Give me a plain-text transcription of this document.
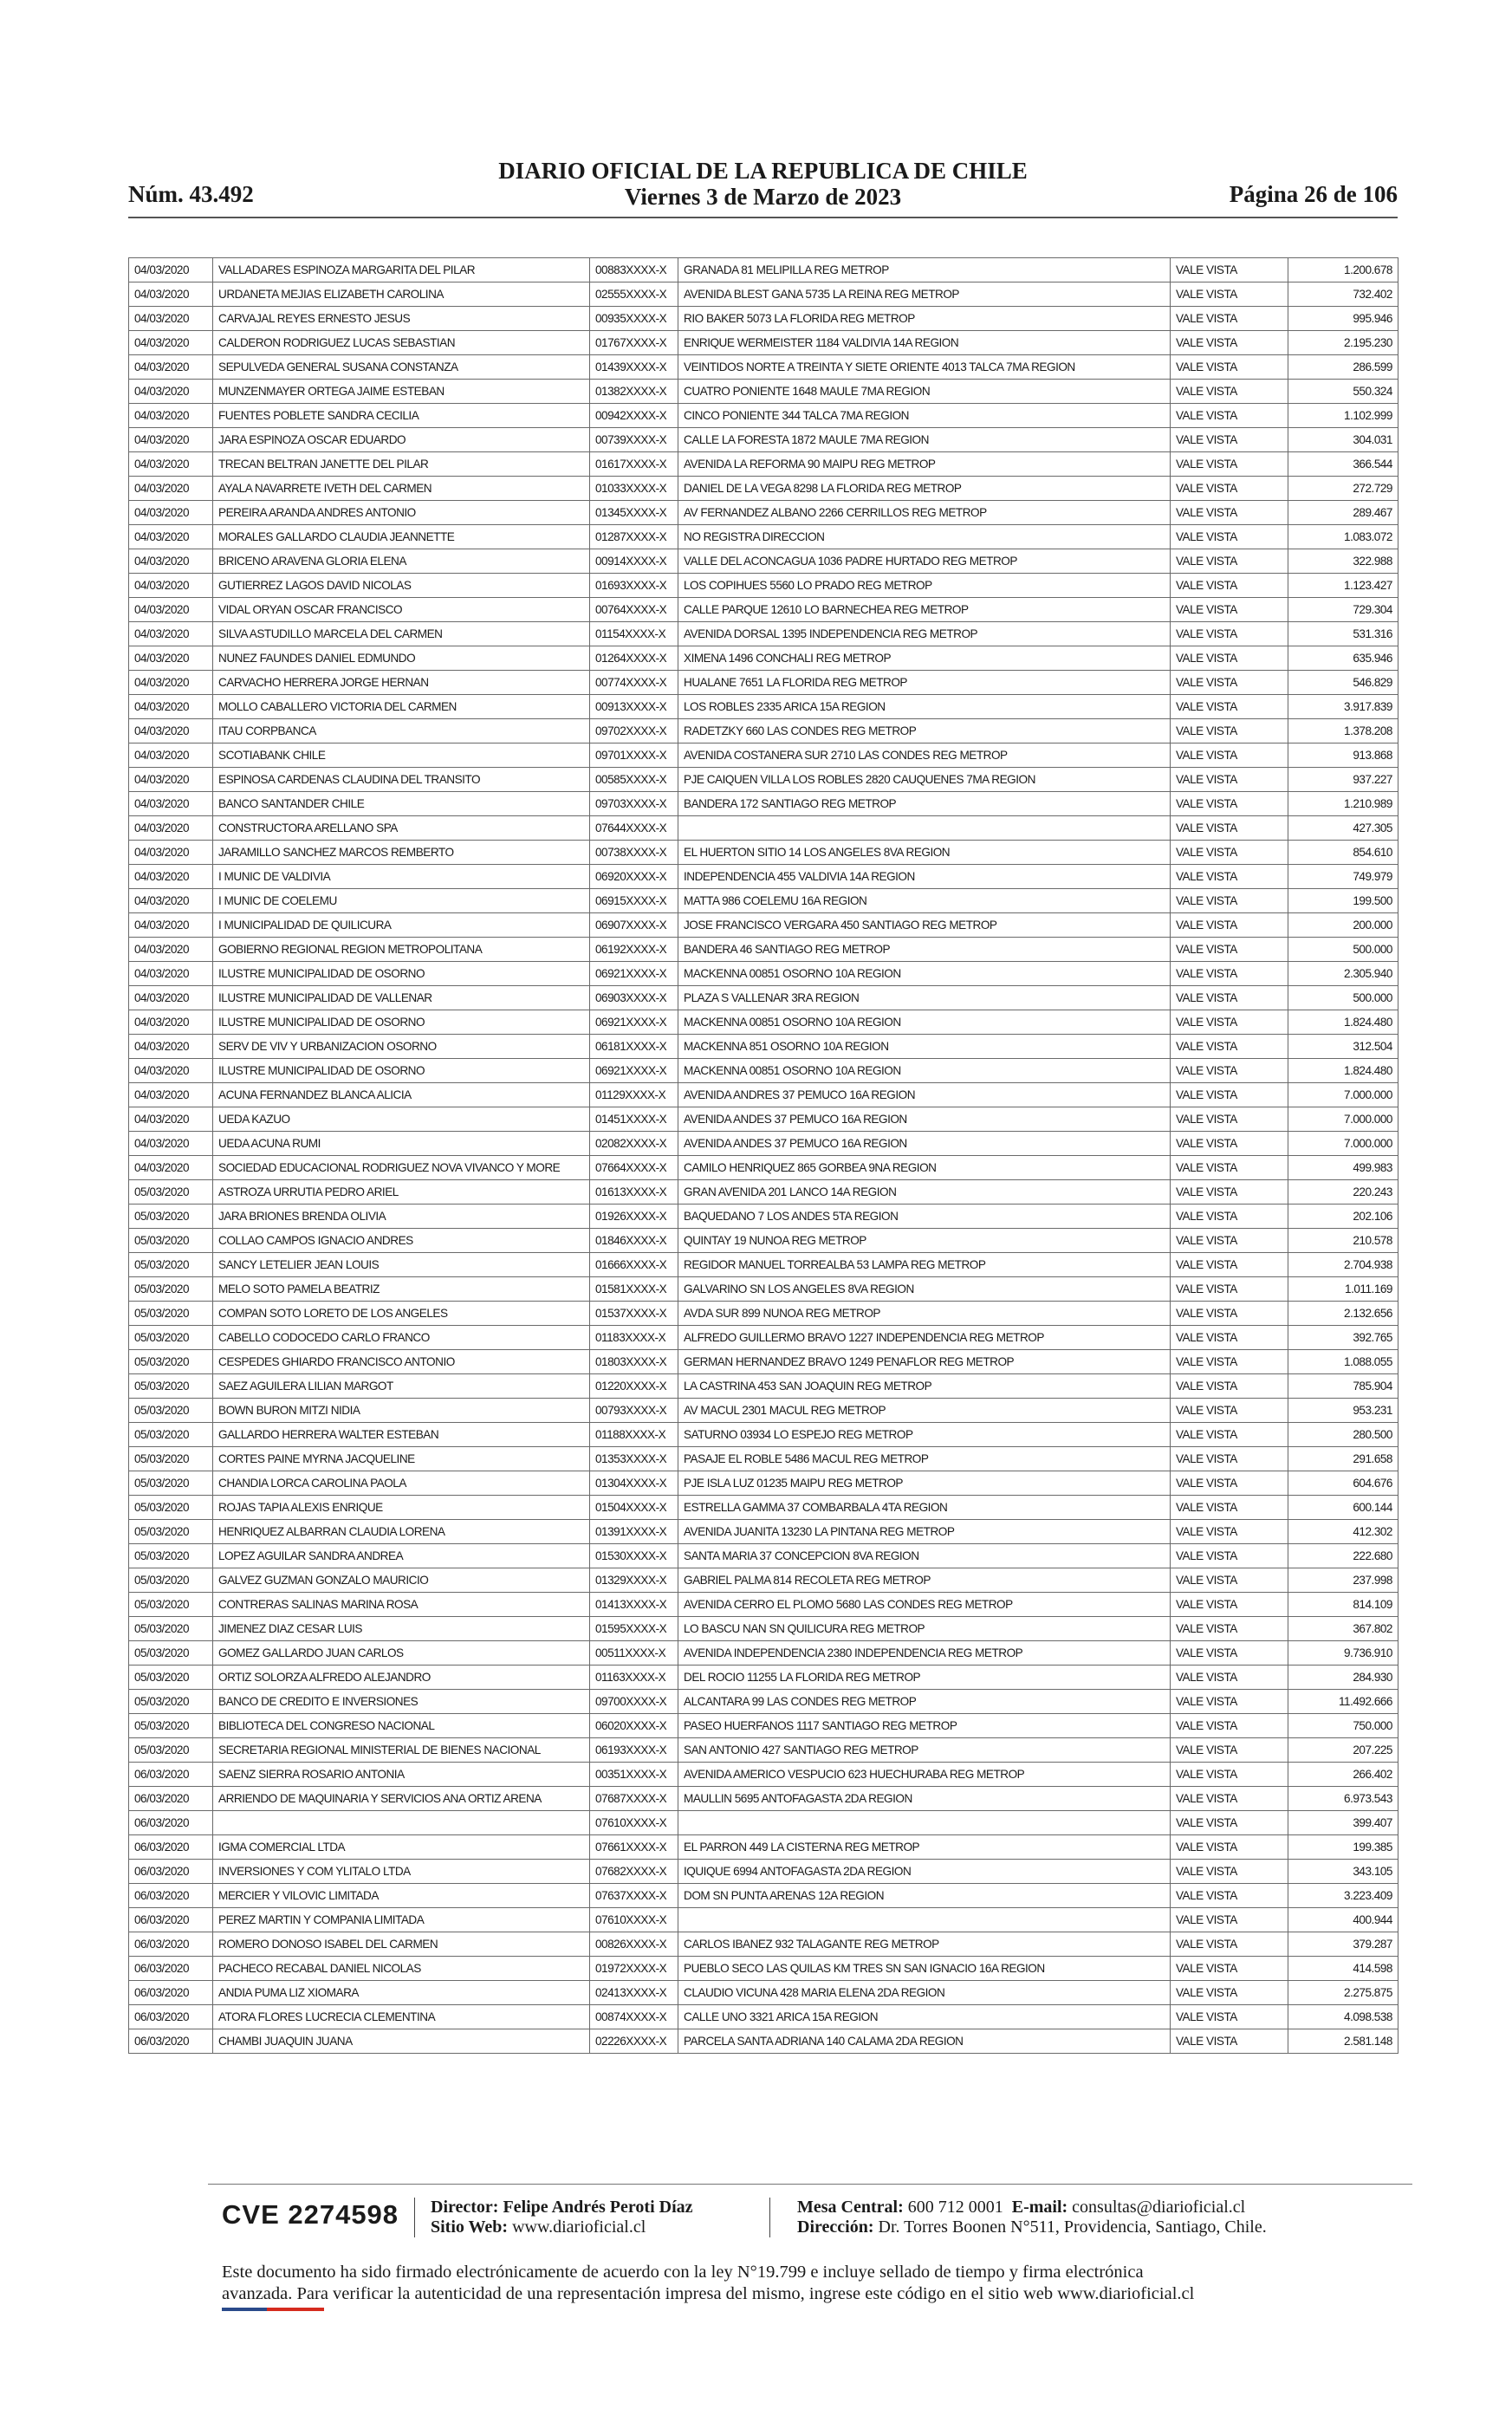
Núm. 43.492
DIARIO OFICIAL DE LA REPUBLICA DE CHILE
Viernes 3 de Marzo de 2023	Página 26 de 106
04/03/2020	VALLADARES ESPINOZA MARGARITA DEL PILAR	00883XXXX-X	GRANADA 81 MELIPILLA REG METROP	VALE VISTA	1.200.678
04/03/2020	URDANETA MEJIAS ELIZABETH CAROLINA	02555XXXX-X	AVENIDA BLEST GANA 5735 LA REINA REG METROP	VALE VISTA	732.402
04/03/2020	CARVAJAL REYES ERNESTO JESUS	00935XXXX-X	RIO BAKER 5073 LA FLORIDA REG METROP	VALE VISTA	995.946
04/03/2020	CALDERON RODRIGUEZ LUCAS SEBASTIAN	01767XXXX-X	ENRIQUE WERMEISTER 1184 VALDIVIA 14A REGION	VALE VISTA	2.195.230
04/03/2020	SEPULVEDA GENERAL SUSANA CONSTANZA	01439XXXX-X	VEINTIDOS NORTE A TREINTA Y SIETE ORIENTE 4013 TALCA 7MA REGION	VALE VISTA	286.599
04/03/2020	MUNZENMAYER ORTEGA JAIME ESTEBAN	01382XXXX-X	CUATRO PONIENTE 1648 MAULE 7MA REGION	VALE VISTA	550.324
04/03/2020	FUENTES POBLETE SANDRA CECILIA	00942XXXX-X	CINCO PONIENTE 344 TALCA 7MA REGION	VALE VISTA	1.102.999
04/03/2020	JARA ESPINOZA OSCAR EDUARDO	00739XXXX-X	CALLE LA FORESTA 1872 MAULE 7MA REGION	VALE VISTA	304.031
04/03/2020	TRECAN BELTRAN JANETTE DEL PILAR	01617XXXX-X	AVENIDA LA REFORMA 90 MAIPU REG METROP	VALE VISTA	366.544
04/03/2020	AYALA NAVARRETE IVETH DEL CARMEN	01033XXXX-X	DANIEL DE LA VEGA 8298 LA FLORIDA REG METROP	VALE VISTA	272.729
04/03/2020	PEREIRA ARANDA ANDRES ANTONIO	01345XXXX-X	AV FERNANDEZ ALBANO 2266 CERRILLOS REG METROP	VALE VISTA	289.467
04/03/2020	MORALES GALLARDO CLAUDIA JEANNETTE	01287XXXX-X	NO REGISTRA DIRECCION	VALE VISTA	1.083.072
04/03/2020	BRICENO ARAVENA GLORIA ELENA	00914XXXX-X	VALLE DEL ACONCAGUA 1036 PADRE HURTADO REG METROP	VALE VISTA	322.988
04/03/2020	GUTIERREZ LAGOS DAVID NICOLAS	01693XXXX-X	LOS COPIHUES 5560 LO PRADO REG METROP	VALE VISTA	1.123.427
04/03/2020	VIDAL ORYAN OSCAR FRANCISCO	00764XXXX-X	CALLE PARQUE 12610 LO BARNECHEA REG METROP	VALE VISTA	729.304
04/03/2020	SILVA ASTUDILLO MARCELA DEL CARMEN	01154XXXX-X	AVENIDA DORSAL 1395 INDEPENDENCIA REG METROP	VALE VISTA	531.316
04/03/2020	NUNEZ FAUNDES DANIEL EDMUNDO	01264XXXX-X	XIMENA 1496 CONCHALI REG METROP	VALE VISTA	635.946
04/03/2020	CARVACHO HERRERA JORGE HERNAN	00774XXXX-X	HUALANE 7651 LA FLORIDA REG METROP	VALE VISTA	546.829
04/03/2020	MOLLO CABALLERO VICTORIA DEL CARMEN	00913XXXX-X	LOS ROBLES 2335 ARICA 15A REGION	VALE VISTA	3.917.839
04/03/2020	ITAU CORPBANCA	09702XXXX-X	RADETZKY 660 LAS CONDES REG METROP	VALE VISTA	1.378.208
04/03/2020	SCOTIABANK CHILE	09701XXXX-X	AVENIDA COSTANERA SUR 2710 LAS CONDES REG METROP	VALE VISTA	913.868
04/03/2020	ESPINOSA CARDENAS CLAUDINA DEL TRANSITO	00585XXXX-X	PJE CAIQUEN VILLA LOS ROBLES 2820 CAUQUENES 7MA REGION	VALE VISTA	937.227
04/03/2020	BANCO SANTANDER CHILE	09703XXXX-X	BANDERA 172 SANTIAGO REG METROP	VALE VISTA	1.210.989
04/03/2020	CONSTRUCTORA ARELLANO SPA	07644XXXX-X		VALE VISTA	427.305
04/03/2020	JARAMILLO SANCHEZ MARCOS REMBERTO	00738XXXX-X	EL HUERTON SITIO 14 LOS ANGELES 8VA REGION	VALE VISTA	854.610
04/03/2020	I MUNIC DE VALDIVIA	06920XXXX-X	INDEPENDENCIA 455 VALDIVIA 14A REGION	VALE VISTA	749.979
04/03/2020	I MUNIC DE COELEMU	06915XXXX-X	MATTA 986 COELEMU 16A REGION	VALE VISTA	199.500
04/03/2020	I MUNICIPALIDAD DE QUILICURA	06907XXXX-X	JOSE FRANCISCO VERGARA 450 SANTIAGO REG METROP	VALE VISTA	200.000
04/03/2020	GOBIERNO REGIONAL REGION METROPOLITANA	06192XXXX-X	BANDERA 46 SANTIAGO REG METROP	VALE VISTA	500.000
04/03/2020	ILUSTRE MUNICIPALIDAD DE OSORNO	06921XXXX-X	MACKENNA 00851 OSORNO 10A REGION	VALE VISTA	2.305.940
04/03/2020	ILUSTRE MUNICIPALIDAD DE VALLENAR	06903XXXX-X	PLAZA S VALLENAR 3RA REGION	VALE VISTA	500.000
04/03/2020	ILUSTRE MUNICIPALIDAD DE OSORNO	06921XXXX-X	MACKENNA 00851 OSORNO 10A REGION	VALE VISTA	1.824.480
04/03/2020	SERV DE VIV Y URBANIZACION OSORNO	06181XXXX-X	MACKENNA 851 OSORNO 10A REGION	VALE VISTA	312.504
04/03/2020	ILUSTRE MUNICIPALIDAD DE OSORNO	06921XXXX-X	MACKENNA 00851 OSORNO 10A REGION	VALE VISTA	1.824.480
04/03/2020	ACUNA FERNANDEZ BLANCA ALICIA	01129XXXX-X	AVENIDA ANDRES 37 PEMUCO 16A REGION	VALE VISTA	7.000.000
04/03/2020	UEDA KAZUO	01451XXXX-X	AVENIDA ANDES 37 PEMUCO 16A REGION	VALE VISTA	7.000.000
04/03/2020	UEDA ACUNA RUMI	02082XXXX-X	AVENIDA ANDES 37 PEMUCO 16A REGION	VALE VISTA	7.000.000
04/03/2020	SOCIEDAD EDUCACIONAL RODRIGUEZ NOVA VIVANCO Y MORE	07664XXXX-X	CAMILO HENRIQUEZ 865 GORBEA 9NA REGION	VALE VISTA	499.983
05/03/2020	ASTROZA URRUTIA PEDRO ARIEL	01613XXXX-X	GRAN AVENIDA 201 LANCO 14A REGION	VALE VISTA	220.243
05/03/2020	JARA BRIONES BRENDA OLIVIA	01926XXXX-X	BAQUEDANO 7 LOS ANDES 5TA REGION	VALE VISTA	202.106
05/03/2020	COLLAO CAMPOS IGNACIO ANDRES	01846XXXX-X	QUINTAY 19 NUNOA REG METROP	VALE VISTA	210.578
05/03/2020	SANCY LETELIER JEAN LOUIS	01666XXXX-X	REGIDOR MANUEL TORREALBA 53 LAMPA REG METROP	VALE VISTA	2.704.938
05/03/2020	MELO SOTO PAMELA BEATRIZ	01581XXXX-X	GALVARINO SN LOS ANGELES 8VA REGION	VALE VISTA	1.011.169
05/03/2020	COMPAN SOTO LORETO DE LOS ANGELES	01537XXXX-X	AVDA SUR 899 NUNOA REG METROP	VALE VISTA	2.132.656
05/03/2020	CABELLO CODOCEDO CARLO FRANCO	01183XXXX-X	ALFREDO GUILLERMO BRAVO 1227 INDEPENDENCIA REG METROP	VALE VISTA	392.765
05/03/2020	CESPEDES GHIARDO FRANCISCO ANTONIO	01803XXXX-X	GERMAN HERNANDEZ BRAVO 1249 PENAFLOR REG METROP	VALE VISTA	1.088.055
05/03/2020	SAEZ AGUILERA LILIAN MARGOT	01220XXXX-X	LA CASTRINA 453 SAN JOAQUIN REG METROP	VALE VISTA	785.904
05/03/2020	BOWN BURON MITZI NIDIA	00793XXXX-X	AV MACUL 2301 MACUL REG METROP	VALE VISTA	953.231
05/03/2020	GALLARDO HERRERA WALTER ESTEBAN	01188XXXX-X	SATURNO 03934 LO ESPEJO REG METROP	VALE VISTA	280.500
05/03/2020	CORTES PAINE MYRNA JACQUELINE	01353XXXX-X	PASAJE EL ROBLE 5486 MACUL REG METROP	VALE VISTA	291.658
05/03/2020	CHANDIA LORCA CAROLINA PAOLA	01304XXXX-X	PJE ISLA LUZ 01235 MAIPU REG METROP	VALE VISTA	604.676
05/03/2020	ROJAS TAPIA ALEXIS ENRIQUE	01504XXXX-X	ESTRELLA GAMMA 37 COMBARBALA 4TA REGION	VALE VISTA	600.144
05/03/2020	HENRIQUEZ ALBARRAN CLAUDIA LORENA	01391XXXX-X	AVENIDA JUANITA 13230 LA PINTANA REG METROP	VALE VISTA	412.302
05/03/2020	LOPEZ AGUILAR SANDRA ANDREA	01530XXXX-X	SANTA MARIA 37 CONCEPCION 8VA REGION	VALE VISTA	222.680
05/03/2020	GALVEZ GUZMAN GONZALO MAURICIO	01329XXXX-X	GABRIEL PALMA 814 RECOLETA REG METROP	VALE VISTA	237.998
05/03/2020	CONTRERAS SALINAS MARINA ROSA	01413XXXX-X	AVENIDA CERRO EL PLOMO 5680 LAS CONDES REG METROP	VALE VISTA	814.109
05/03/2020	JIMENEZ DIAZ CESAR LUIS	01595XXXX-X	LO BASCU NAN SN QUILICURA REG METROP	VALE VISTA	367.802
05/03/2020	GOMEZ GALLARDO JUAN CARLOS	00511XXXX-X	AVENIDA INDEPENDENCIA 2380 INDEPENDENCIA REG METROP	VALE VISTA	9.736.910
05/03/2020	ORTIZ SOLORZA ALFREDO ALEJANDRO	01163XXXX-X	DEL ROCIO 11255 LA FLORIDA REG METROP	VALE VISTA	284.930
05/03/2020	BANCO DE CREDITO E INVERSIONES	09700XXXX-X	ALCANTARA 99 LAS CONDES REG METROP	VALE VISTA	11.492.666
05/03/2020	BIBLIOTECA DEL CONGRESO NACIONAL	06020XXXX-X	PASEO HUERFANOS 1117 SANTIAGO REG METROP	VALE VISTA	750.000
05/03/2020	SECRETARIA REGIONAL MINISTERIAL DE BIENES NACIONAL	06193XXXX-X	SAN ANTONIO 427 SANTIAGO REG METROP	VALE VISTA	207.225
06/03/2020	SAENZ SIERRA ROSARIO ANTONIA	00351XXXX-X	AVENIDA AMERICO VESPUCIO 623 HUECHURABA REG METROP	VALE VISTA	266.402
06/03/2020	ARRIENDO DE MAQUINARIA Y SERVICIOS ANA ORTIZ ARENA	07687XXXX-X	MAULLIN 5695 ANTOFAGASTA 2DA REGION	VALE VISTA	6.973.543
06/03/2020		07610XXXX-X		VALE VISTA	399.407
06/03/2020	IGMA COMERCIAL LTDA	07661XXXX-X	EL PARRON 449 LA CISTERNA REG METROP	VALE VISTA	199.385
06/03/2020	INVERSIONES Y COM YLITALO LTDA	07682XXXX-X	IQUIQUE 6994 ANTOFAGASTA 2DA REGION	VALE VISTA	343.105
06/03/2020	MERCIER Y VILOVIC LIMITADA	07637XXXX-X	DOM SN PUNTA ARENAS 12A REGION	VALE VISTA	3.223.409
06/03/2020	PEREZ MARTIN Y COMPANIA LIMITADA	07610XXXX-X		VALE VISTA	400.944
06/03/2020	ROMERO DONOSO ISABEL DEL CARMEN	00826XXXX-X	CARLOS IBANEZ 932 TALAGANTE REG METROP	VALE VISTA	379.287
06/03/2020	PACHECO RECABAL DANIEL NICOLAS	01972XXXX-X	PUEBLO SECO LAS QUILAS KM TRES SN SAN IGNACIO 16A REGION	VALE VISTA	414.598
06/03/2020	ANDIA PUMA LIZ XIOMARA	02413XXXX-X	CLAUDIO VICUNA 428 MARIA ELENA 2DA REGION	VALE VISTA	2.275.875
06/03/2020	ATORA FLORES LUCRECIA CLEMENTINA	00874XXXX-X	CALLE UNO 3321 ARICA 15A REGION	VALE VISTA	4.098.538
06/03/2020	CHAMBI JUAQUIN JUANA	02226XXXX-X	PARCELA SANTA ADRIANA 140 CALAMA 2DA REGION	VALE VISTA	2.581.148
CVE 2274598 Director: Felipe Andrés Peroti Díaz
Sitio Web: www.diarioficial.cl
Mesa Central: 600 712 0001 E-mail: consultas@diarioficial.cl
Dirección: Dr. Torres Boonen N°511, Providencia, Santiago, Chile.
Este documento ha sido firmado electrónicamente de acuerdo con la ley N°19.799 e incluye sellado de tiempo y firma electrónica
avanzada. Para verificar la autenticidad de una representación impresa del mismo, ingrese este código en el sitio web www.diarioficial.cl
